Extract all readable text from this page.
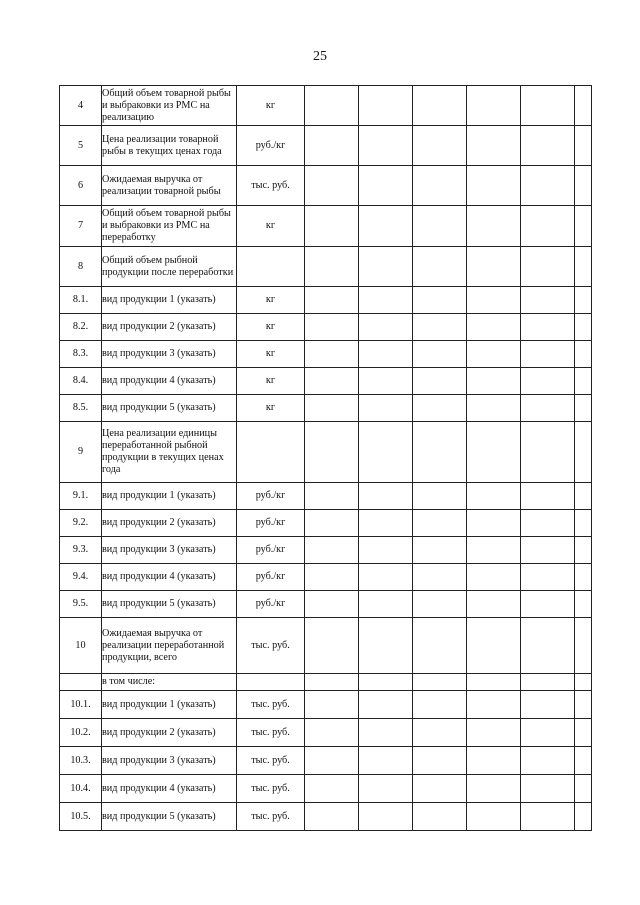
25
4	Общий объем товарной рыбы и выбраковки из РМС на реализацию	кг						
5	Цена реализации товарной рыбы в текущих ценах года	руб./кг						
6	Ожидаемая выручка от реализации товарной рыбы	тыс. руб.						
7	Общий объем товарной рыбы и выбраковки из РМС на переработку	кг						
8	Общий объем рыбной продукции после переработки							
8.1.	вид продукции 1 (указать)	кг						
8.2.	вид продукции 2 (указать)	кг						
8.3.	вид продукции 3 (указать)	кг						
8.4.	вид продукции 4 (указать)	кг						
8.5.	вид продукции 5 (указать)	кг						
9	Цена реализации единицы переработанной рыбной продукции в текущих ценах года							
9.1.	вид продукции 1 (указать)	руб./кг						
9.2.	вид продукции 2 (указать)	руб./кг						
9.3.	вид продукции 3 (указать)	руб./кг						
9.4.	вид продукции 4 (указать)	руб./кг						
9.5.	вид продукции 5 (указать)	руб./кг						
10	Ожидаемая выручка от реализации переработанной продукции, всего	тыс. руб.						
	в том числе:							
10.1.	вид продукции 1 (указать)	тыс. руб.						
10.2.	вид продукции 2 (указать)	тыс. руб.						
10.3.	вид продукции 3 (указать)	тыс. руб.						
10.4.	вид продукции 4 (указать)	тыс. руб.						
10.5.	вид продукции 5 (указать)	тыс. руб.						
